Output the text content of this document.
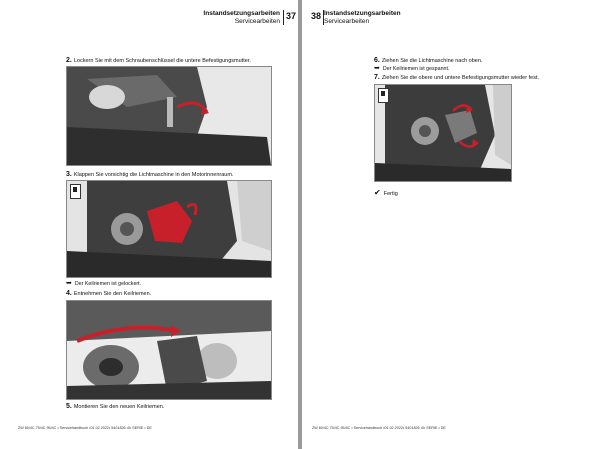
Instandsetzungsarbeiten
Servicearbeiten
37
2. Lockern Sie mit dem Schraubenschlüssel die untere Befestigungsmutter.
3. Klappen Sie vorsichtig die Lichtmaschine in den Motorinnenraum.
➥ Der Keilriemen ist gelockert.
4. Entnehmen Sie den Keilriemen.
5. Montieren Sie den neuen Keilriemen.
ZW 60/4C 75/4C 95/4C • Servicehandbuch •01.02.2022• 5401826 •0• SERIE • DE
38 Instandsetzungsarbeiten
Servicearbeiten
6. Ziehen Sie die Lichtmaschine nach oben.
➥ Der Keilriemen ist gespannt.
7. Ziehen Sie die obere und untere Befestigungsmutter wieder fest.
✔ Fertig
ZW 60/4C 75/4C 95/4C • Servicehandbuch •01.02.2022• 5401826 •0• SERIE • DE
